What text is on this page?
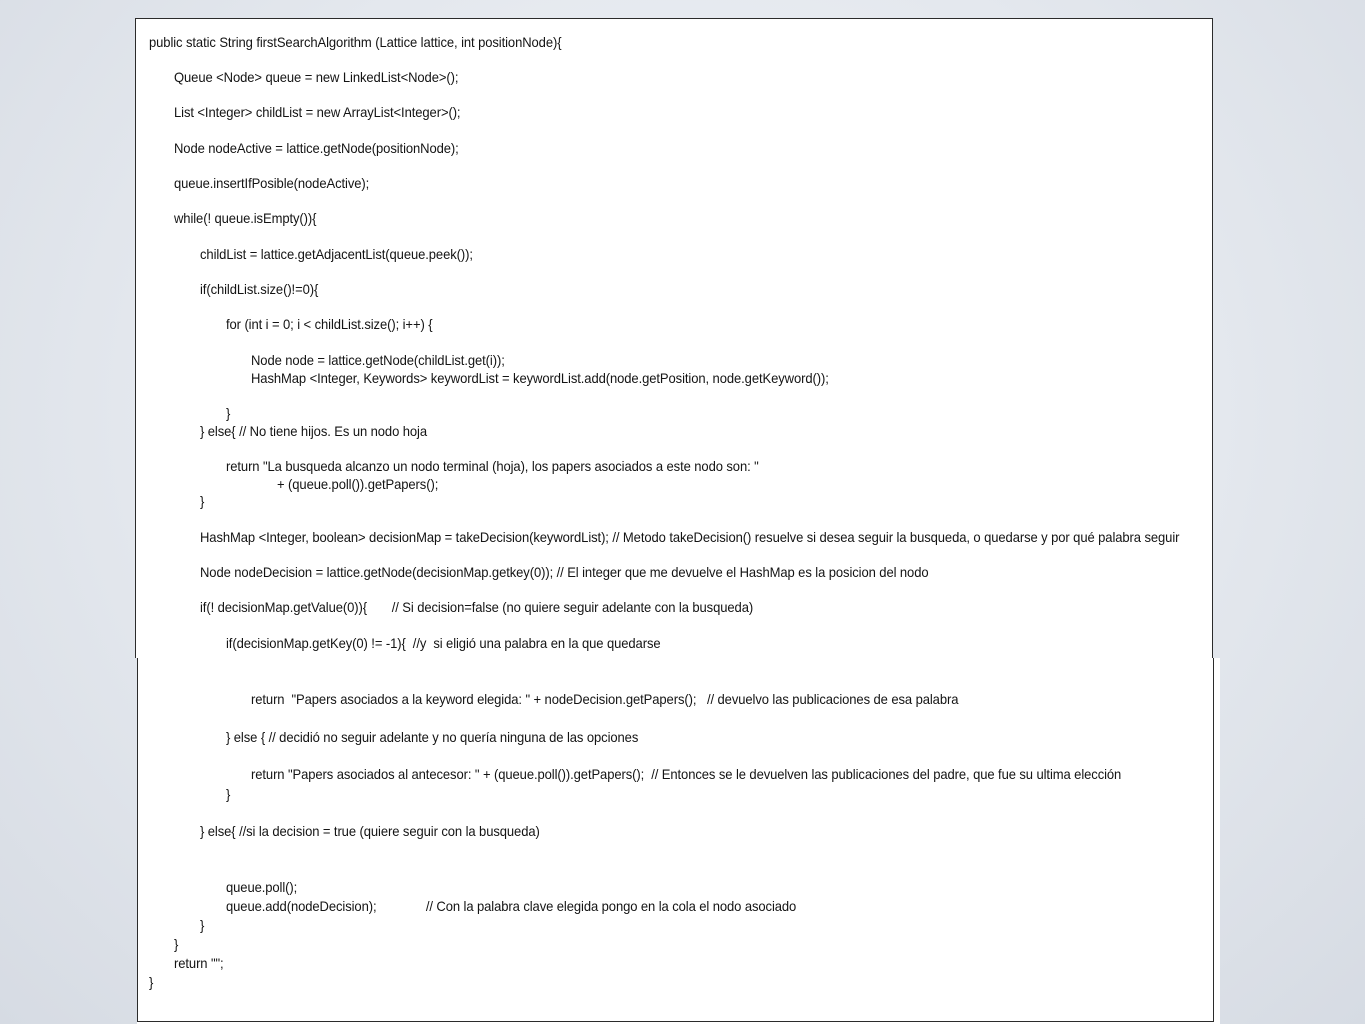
public static String firstSearchAlgorithm (Lattice lattice, int positionNode){
Queue <Node> queue = new LinkedList<Node>();
List <Integer> childList = new ArrayList<Integer>();
Node nodeActive = lattice.getNode(positionNode);
queue.insertIfPosible(nodeActive);
while(! queue.isEmpty()){
childList = lattice.getAdjacentList(queue.peek());
if(childList.size()!=0){
for (int i = 0; i < childList.size(); i++) {
Node node = lattice.getNode(childList.get(i));
HashMap <Integer, Keywords> keywordList = keywordList.add(node.getPosition, node.getKeyword());
}
} else{ // No tiene hijos. Es un nodo hoja
return "La busqueda alcanzo un nodo terminal (hoja), los papers asociados a este nodo son: "
+ (queue.poll()).getPapers();
}
HashMap <Integer, boolean> decisionMap = takeDecision(keywordList); // Metodo takeDecision() resuelve si desea seguir la busqueda, o quedarse y por qué palabra seguir
Node nodeDecision = lattice.getNode(decisionMap.getkey(0)); // El integer que me devuelve el HashMap es la posicion del nodo
if(! decisionMap.getValue(0)){       // Si decision=false (no quiere seguir adelante con la busqueda)
if(decisionMap.getKey(0) != -1){  //y  si eligió una palabra en la que quedarse
return  "Papers asociados a la keyword elegida: " + nodeDecision.getPapers();   // devuelvo las publicaciones de esa palabra
} else { // decidió no seguir adelante y no quería ninguna de las opciones
return "Papers asociados al antecesor: " + (queue.poll()).getPapers();  // Entonces se le devuelven las publicaciones del padre, que fue su ultima elección
}
} else{ //si la decision = true (quiere seguir con la busqueda)
queue.poll();
queue.add(nodeDecision);              // Con la palabra clave elegida pongo en la cola el nodo asociado
}
}
return "";
}
